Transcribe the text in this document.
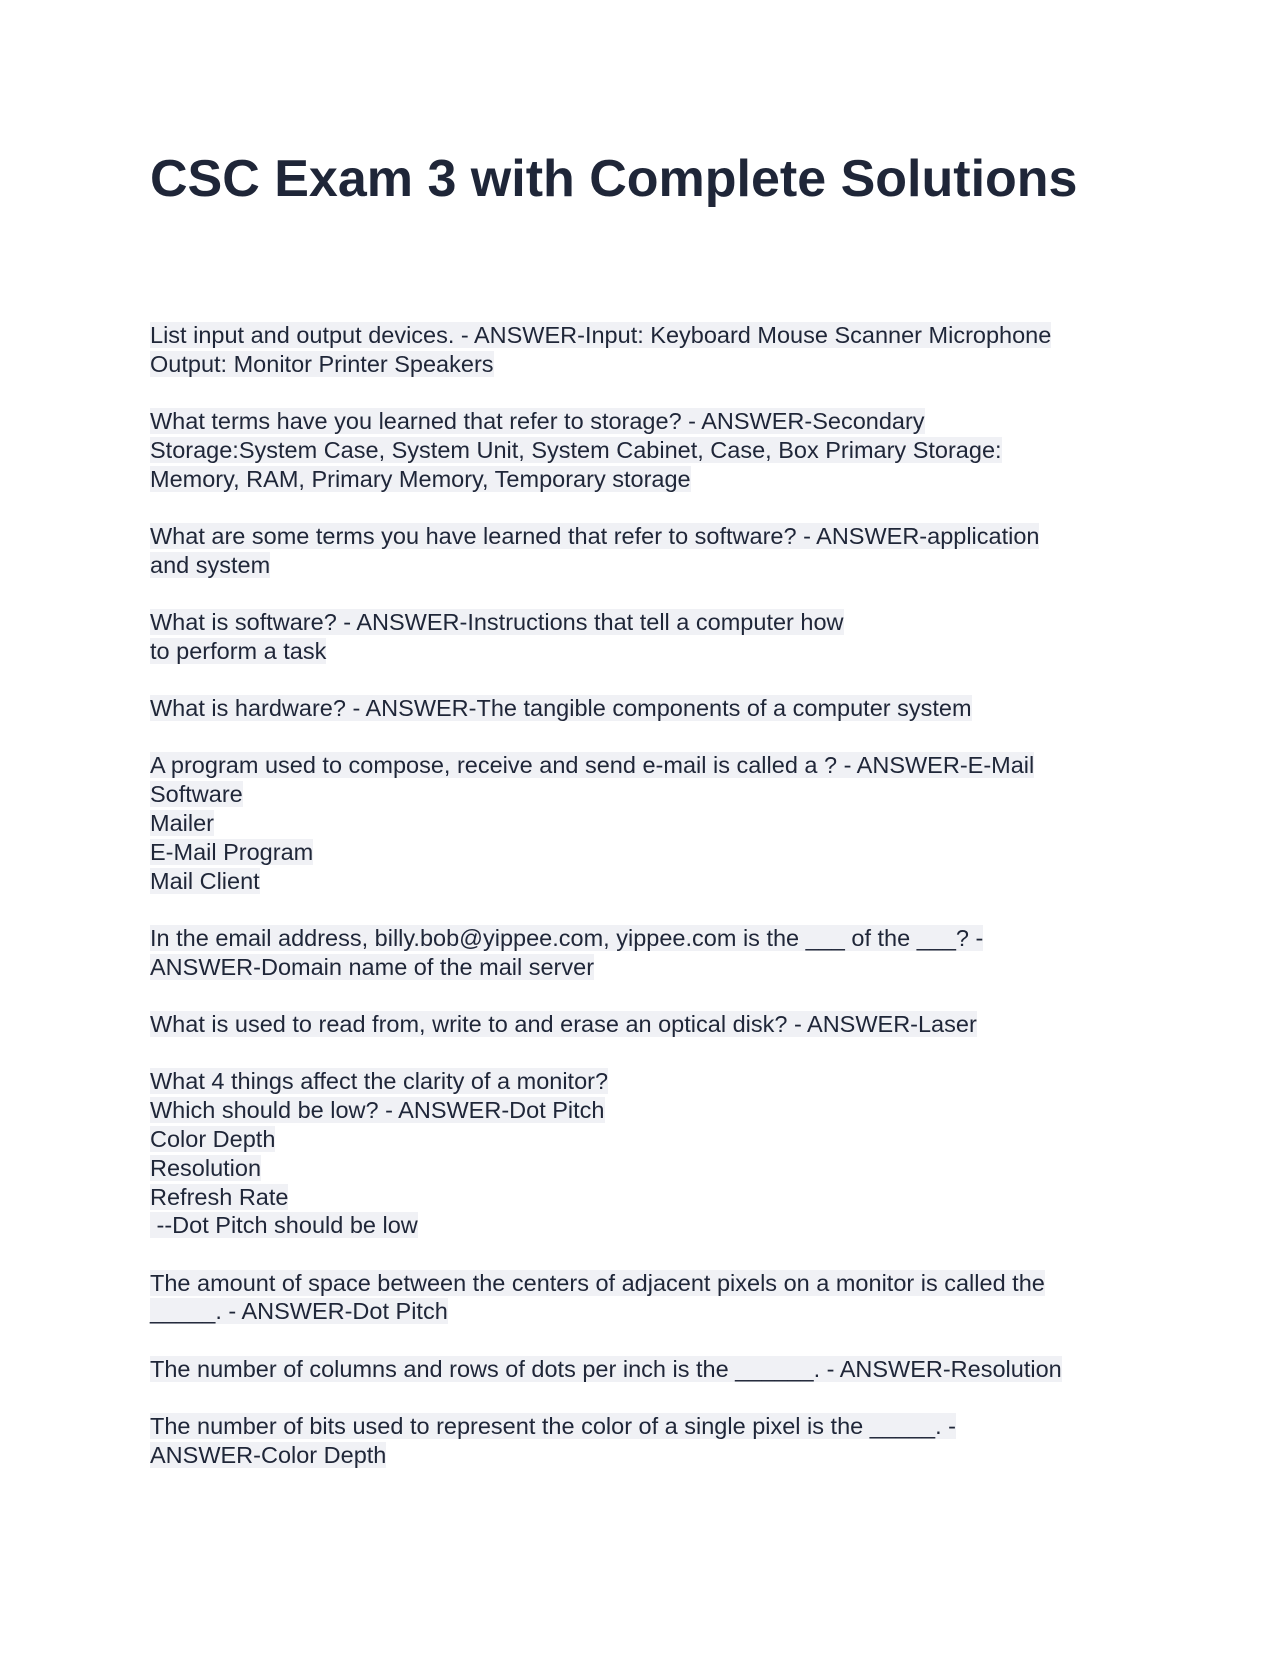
CSC Exam 3 with Complete Solutions

List input and output devices. - ANSWER-Input: Keyboard Mouse Scanner Microphone
Output: Monitor Printer Speakers

What terms have you learned that refer to storage? - ANSWER-Secondary
Storage:System Case, System Unit, System Cabinet, Case, Box Primary Storage:
Memory, RAM, Primary Memory, Temporary storage

What are some terms you have learned that refer to software? - ANSWER-application
and system

What is software? - ANSWER-Instructions that tell a computer how
to perform a task

What is hardware? - ANSWER-The tangible components of a computer system

A program used to compose, receive and send e-mail is called a ? - ANSWER-E-Mail
Software
Mailer
E-Mail Program
Mail Client

In the email address, billy.bob@yippee.com, yippee.com is the ___ of the ___? -
ANSWER-Domain name of the mail server

What is used to read from, write to and erase an optical disk? - ANSWER-Laser

What 4 things affect the clarity of a monitor?
Which should be low? - ANSWER-Dot Pitch
Color Depth
Resolution
Refresh Rate
--Dot Pitch should be low

The amount of space between the centers of adjacent pixels on a monitor is called the
_____. - ANSWER-Dot Pitch

The number of columns and rows of dots per inch is the ______. - ANSWER-Resolution

The number of bits used to represent the color of a single pixel is the _____. -
ANSWER-Color Depth
